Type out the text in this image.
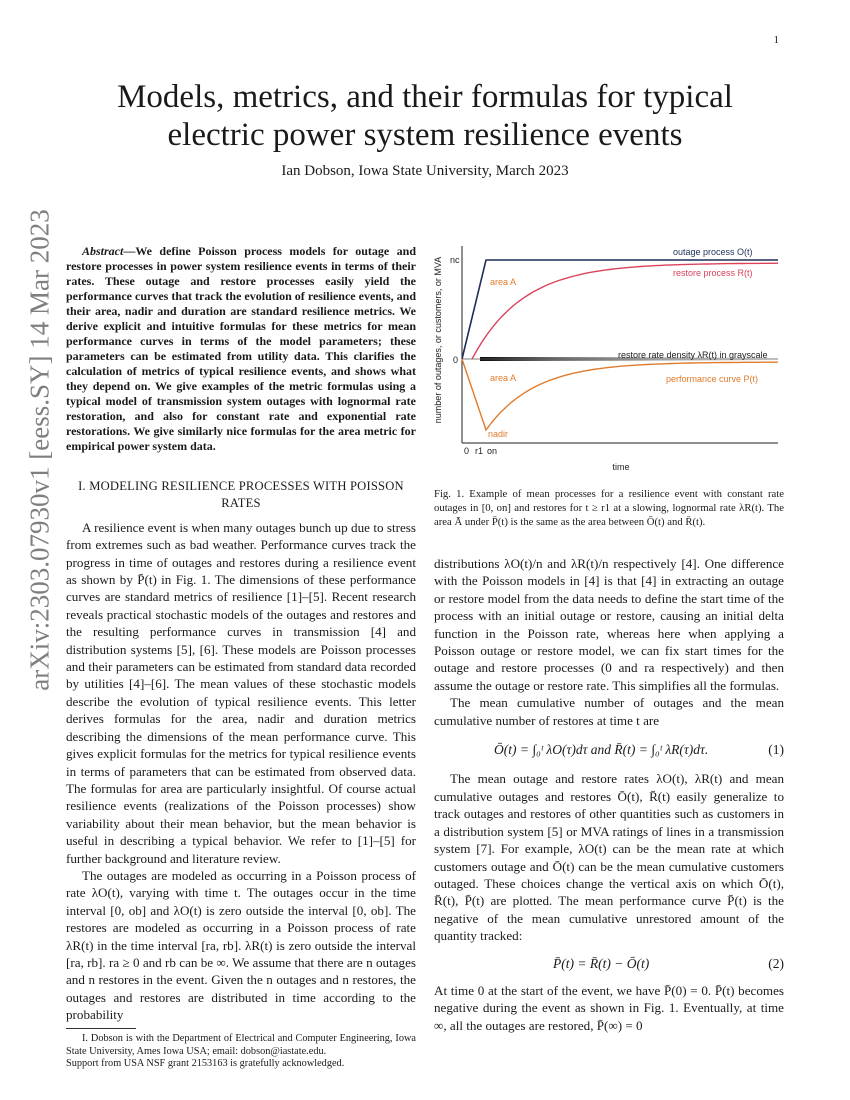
1
arXiv:2303.07930v1 [eess.SY] 14 Mar 2023
Models, metrics, and their formulas for typical
electric power system resilience events
Ian Dobson, Iowa State University, March 2023

Abstract—We define Poisson process models for outage and restore processes in power system resilience events in terms of their rates. These outage and restore processes easily yield the performance curves that track the evolution of resilience events, and their area, nadir and duration are standard resilience metrics. We derive explicit and intuitive formulas for these metrics for mean performance curves in terms of the model parameters; these parameters can be estimated from utility data. This clarifies the calculation of metrics of typical resilience events, and shows what they depend on. We give examples of the metric formulas using a typical model of transmission system outages with lognormal rate restoration, and also for constant rate and exponential rate restorations. We give similarly nice formulas for the area metric for empirical power system data.

I. MODELING RESILIENCE PROCESSES WITH POISSON RATES

A resilience event is when many outages bunch up due to stress from extremes such as bad weather. Performance curves track the progress in time of outages and restores during a resilience event as shown by P̄(t) in Fig. 1. The dimensions of these performance curves are standard metrics of resilience [1]–[5]. Recent research reveals practical stochastic models of the outages and restores and the resulting performance curves in transmission [4] and distribution systems [5], [6]. These models are Poisson processes and their parameters can be estimated from standard data recorded by utilities [4]–[6]. The mean values of these stochastic models describe the evolution of typical resilience events. This letter derives formulas for the area, nadir and duration metrics describing the dimensions of the mean performance curve. This gives explicit formulas for the metrics for typical resilience events in terms of parameters that can be estimated from observed data. The formulas for area are particularly insightful. Of course actual resilience events (realizations of the Poisson processes) show variability about their mean behavior, but the mean behavior is useful in describing a typical behavior. We refer to [1]–[5] for further background and literature review.

The outages are modeled as occurring in a Poisson process of rate λO(t), varying with time t. The outages occur in the time interval [0, ob] and λO(t) is zero outside the interval [0, ob]. The restores are modeled as occurring in a Poisson process of rate λR(t) in the time interval [ra, rb]. λR(t) is zero outside the interval [ra, rb]. ra ≥ 0 and rb can be ∞. We assume that there are n outages and n restores in the event. Given the n outages and n restores, the outages and restores are distributed in time according to the probability

I. Dobson is with the Department of Electrical and Computer Engineering, Iowa State University, Ames Iowa USA; email: dobson@iastate.edu.

Support from USA NSF grant 2153163 is gratefully acknowledged.

number of outages, or customers, or MVA nc
0
outage process O(t)
restore process R(t)
restore rate density λR(t) in grayscale
performance curve P(t)
area A
area A
nadir
0 r1 on
time
Fig. 1. Example of mean processes for a resilience event with constant rate outages in [0, on] and restores for t ≥ r1 at a slowing, lognormal rate λR(t). The area Ā under P̄(t) is the same as the area between Ō(t) and R̄(t).

distributions λO(t)/n and λR(t)/n respectively [4]. One difference with the Poisson models in [4] is that [4] in extracting an outage or restore model from the data needs to define the start time of the process with an initial outage or restore, causing an initial delta function in the Poisson rate, whereas here when applying a Poisson outage or restore model, we can fix start times for the outage and restore processes (0 and ra respectively) and then assume the outage or restore rate. This simplifies all the formulas.

The mean cumulative number of outages and the mean cumulative number of restores at time t are

Ō(t) = ∫₀ᵗ λO(τ)dτ and R̄(t) = ∫₀ᵗ λR(τ)dτ.	(1)

The mean outage and restore rates λO(t), λR(t) and mean cumulative outages and restores Ō(t), R̄(t) easily generalize to track outages and restores of other quantities such as customers in a distribution system [5] or MVA ratings of lines in a transmission system [7]. For example, λO(t) can be the mean rate at which customers outage and Ō(t) can be the mean cumulative customers outaged. These choices change the vertical axis on which Ō(t), R̄(t), P̄(t) are plotted. The mean performance curve P̄(t) is the negative of the mean cumulative unrestored amount of the quantity tracked:

P̄(t) = R̄(t) − Ō(t)	(2)

At time 0 at the start of the event, we have P̄(0) = 0. P̄(t) becomes negative during the event as shown in Fig. 1. Eventually, at time ∞, all the outages are restored, P̄(∞) = 0
